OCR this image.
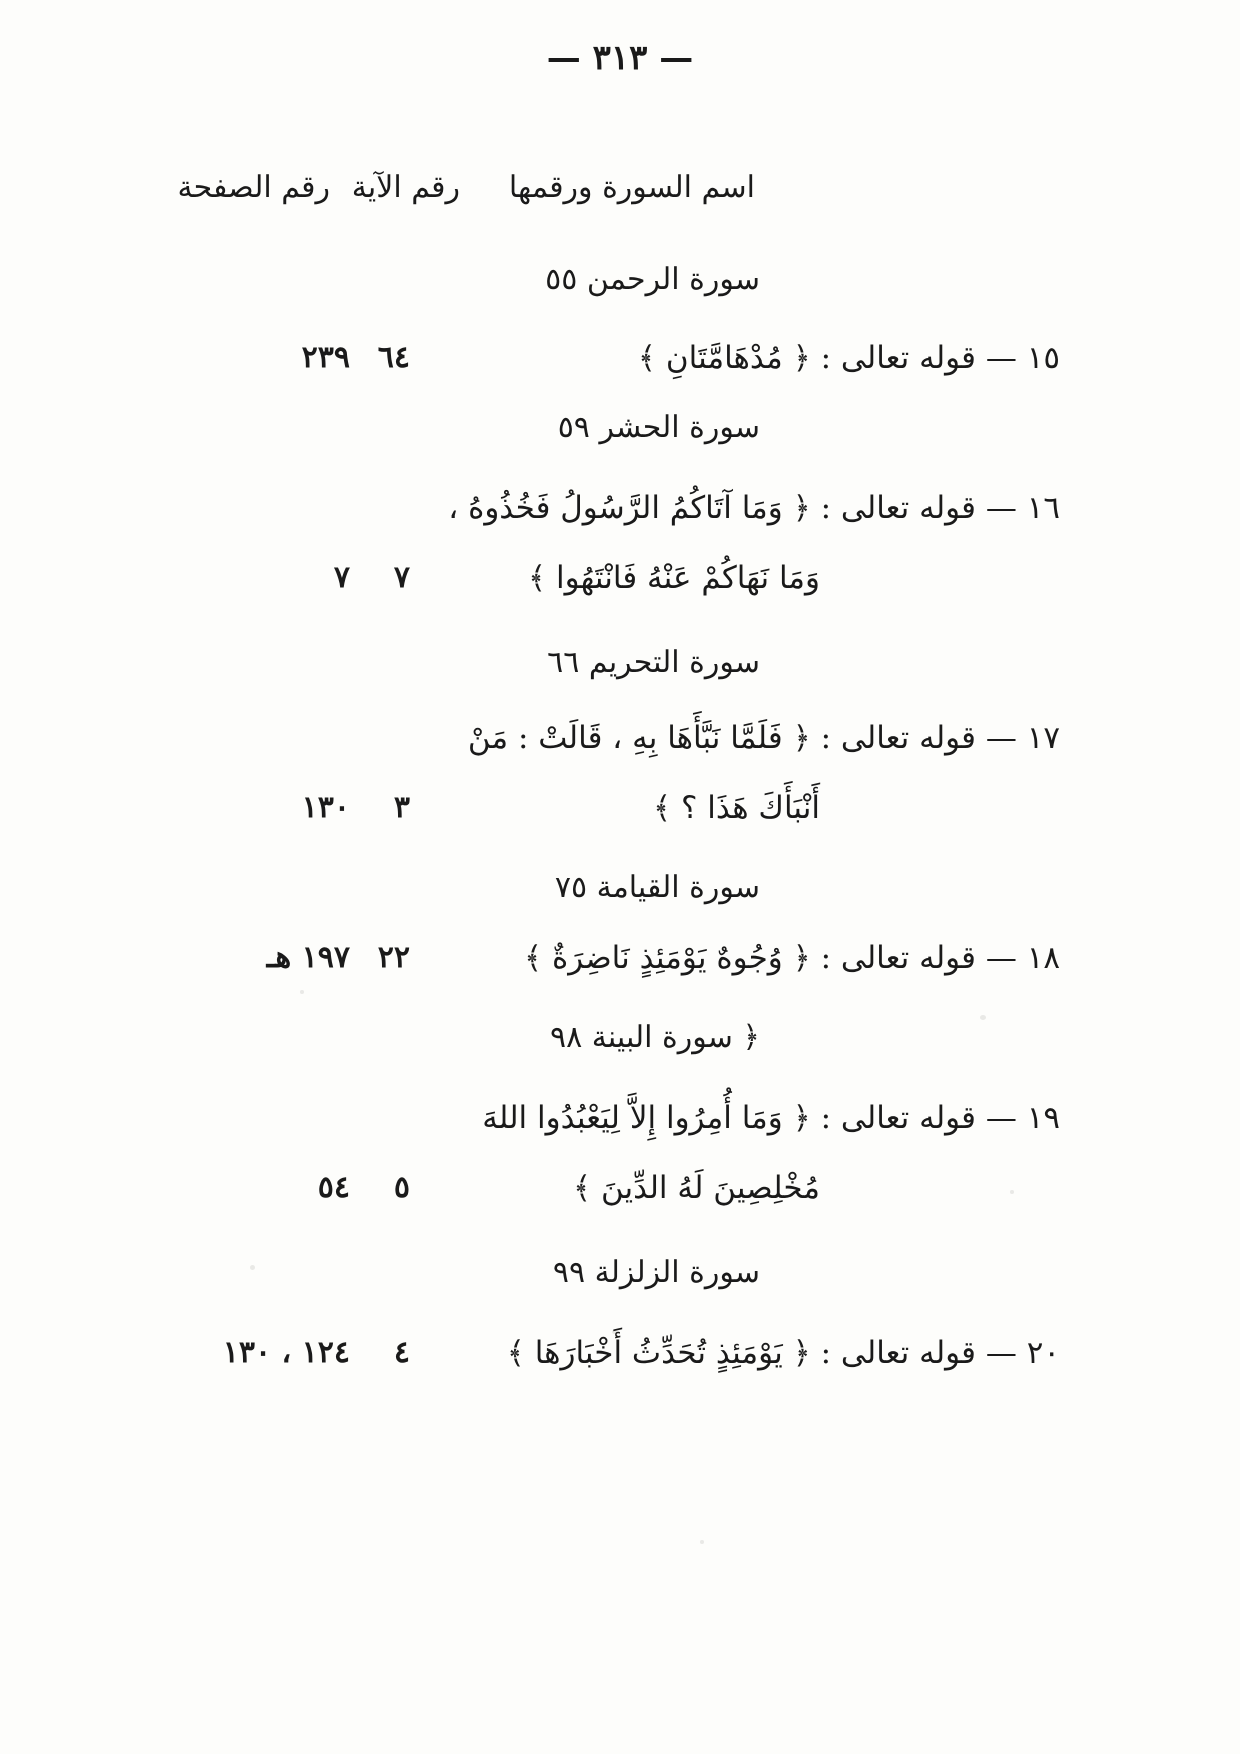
— ٣١٣ —
اسم السورة ورقمها
رقم الآية
رقم الصفحة
سورة الرحمن ٥٥
١٥ — قوله تعالى : ﴿ مُدْهَامَّتَانِ ﴾
٦٤
٢٣٩
سورة الحشر ٥٩
١٦ — قوله تعالى : ﴿ وَمَا آتَاكُمُ الرَّسُولُ فَخُذُوهُ ،
وَمَا نَهَاكُمْ عَنْهُ فَانْتَهُوا ﴾
٧
٧
سورة التحريم ٦٦
١٧ — قوله تعالى : ﴿ فَلَمَّا نَبَّأَهَا بِهِ ، قَالَتْ : مَنْ
أَنْبَأَكَ هَذَا ؟ ﴾
٣
١٣٠
سورة القيامة ٧٥
١٨ — قوله تعالى : ﴿ وُجُوهٌ يَوْمَئِذٍ نَاضِرَةٌ ﴾
٢٢
١٩٧ هـ
﴿ سورة البينة ٩٨
١٩ — قوله تعالى : ﴿ وَمَا أُمِرُوا إِلاَّ لِيَعْبُدُوا اللهَ
مُخْلِصِينَ لَهُ الدِّينَ ﴾
٥
٥٤
سورة الزلزلة ٩٩
٢٠ — قوله تعالى : ﴿ يَوْمَئِذٍ تُحَدِّثُ أَخْبَارَهَا ﴾
٤
١٢٤ ، ١٣٠
